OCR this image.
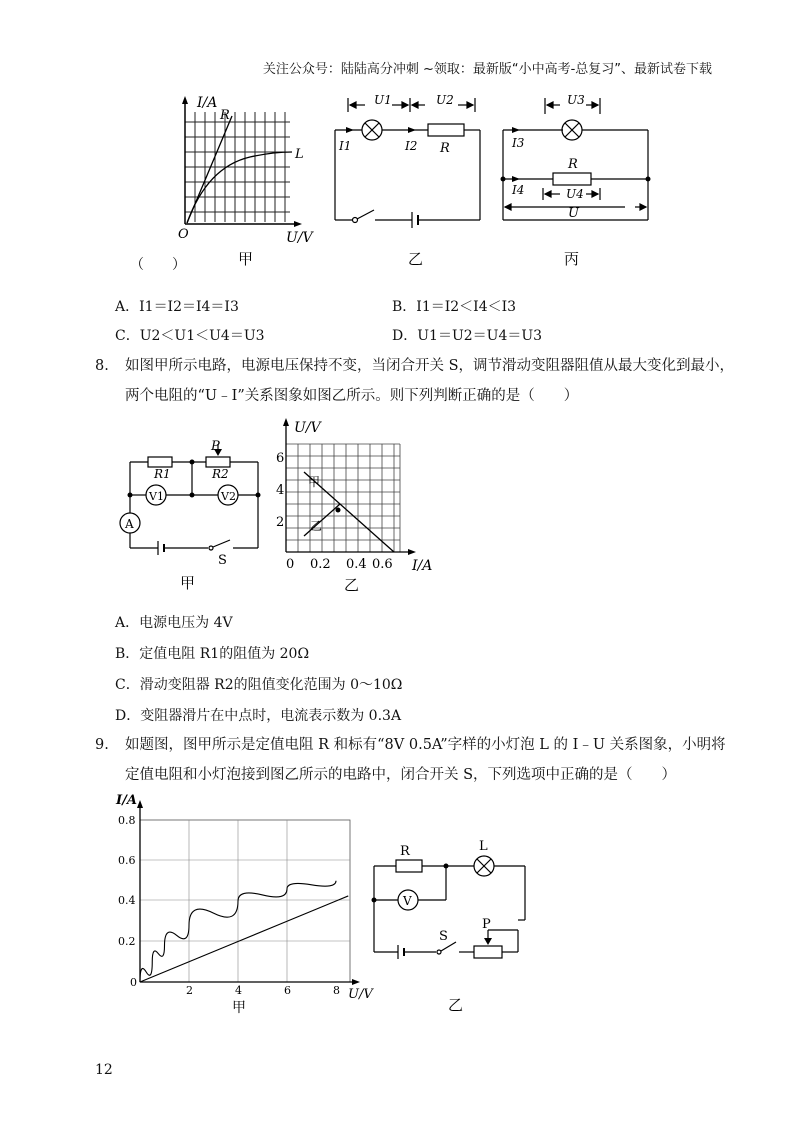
关注公众号：陆陆高分冲刺 ~领取：最新版“小中高考-总复习”、最新试卷下载
I/A
R
L
O	U/V
甲
U1	U2
I1	I2 R
乙
U3
I3
R
I4	U4
U
丙
（　　）
A．I1＝I2＝I4＝I3	B．I1＝I2＜I4＜I3
C．U2＜U1＜U4＝U3	D．U1＝U2＝U4＝U3
8. 如图甲所示电路，电源电压保持不变，当闭合开关 S，调节滑动变阻器阻值从最大变化到最小，
两个电阻的“U﹣I”关系图象如图乙所示。则下列判断正确的是（　　）
P
R1	R2
V1	V2
A
S
甲
U/V
6
4
2
0 0.2 0.4 0.6 I/A
甲
乙
乙
A．电源电压为 4V
B．定值电阻 R1的阻值为 20Ω
C．滑动变阻器 R2的阻值变化范围为 0～10Ω
D．变阻器滑片在中点时，电流表示数为 0.3A
9. 如题图，图甲所示是定值电阻 R 和标有“8V 0.5A”字样的小灯泡 L 的 I﹣U 关系图象，小明将
定值电阻和小灯泡接到图乙所示的电路中，闭合开关 S，下列选项中正确的是（　　）
I/A
0.8
0.6
0.4
0.2
0
2	4	6	8 U/V
甲
R	L
V
S
P
乙
12
